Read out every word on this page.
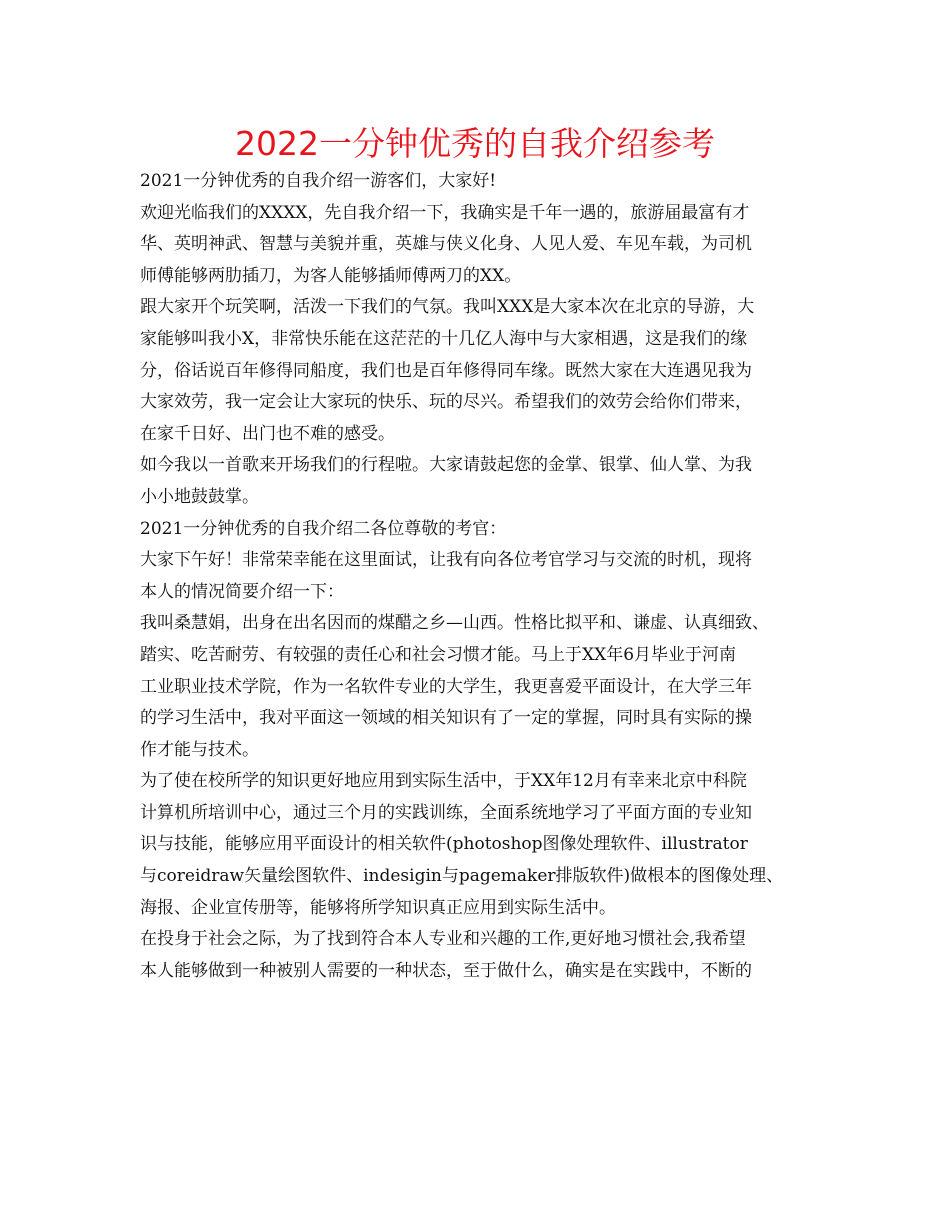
2022一分钟优秀的自我介绍参考
2021一分钟优秀的自我介绍一游客们，大家好!
欢迎光临我们的XXXX，先自我介绍一下，我确实是千年一遇的，旅游届最富有才
华、英明神武、智慧与美貌并重，英雄与侠义化身、人见人爱、车见车载，为司机
师傅能够两肋插刀，为客人能够插师傅两刀的XX。
跟大家开个玩笑啊，活泼一下我们的气氛。我叫XXX是大家本次在北京的导游，大
家能够叫我小X，非常快乐能在这茫茫的十几亿人海中与大家相遇，这是我们的缘
分，俗话说百年修得同船度，我们也是百年修得同车缘。既然大家在大连遇见我为
大家效劳，我一定会让大家玩的快乐、玩的尽兴。希望我们的效劳会给你们带来，
在家千日好、出门也不难的感受。
如今我以一首歌来开场我们的行程啦。大家请鼓起您的金掌、银掌、仙人掌、为我
小小地鼓鼓掌。
2021一分钟优秀的自我介绍二各位尊敬的考官：
大家下午好！非常荣幸能在这里面试，让我有向各位考官学习与交流的时机，现将
本人的情况简要介绍一下：
我叫桑慧娟，出身在出名因而的煤醋之乡—山西。性格比拟平和、谦虚、认真细致、
踏实、吃苦耐劳、有较强的责任心和社会习惯才能。马上于XX年6月毕业于河南
工业职业技术学院，作为一名软件专业的大学生，我更喜爱平面设计，在大学三年
的学习生活中，我对平面这一领域的相关知识有了一定的掌握，同时具有实际的操
作才能与技术。
为了使在校所学的知识更好地应用到实际生活中，于XX年12月有幸来北京中科院
计算机所培训中心，通过三个月的实践训练，全面系统地学习了平面方面的专业知
识与技能，能够应用平面设计的相关软件(photoshop图像处理软件、illustrator
与coreidraw矢量绘图软件、indesigin与pagemaker排版软件)做根本的图像处理、
海报、企业宣传册等，能够将所学知识真正应用到实际生活中。
在投身于社会之际，为了找到符合本人专业和兴趣的工作,更好地习惯社会,我希望
本人能够做到一种被别人需要的一种状态，至于做什么，确实是在实践中，不断的
